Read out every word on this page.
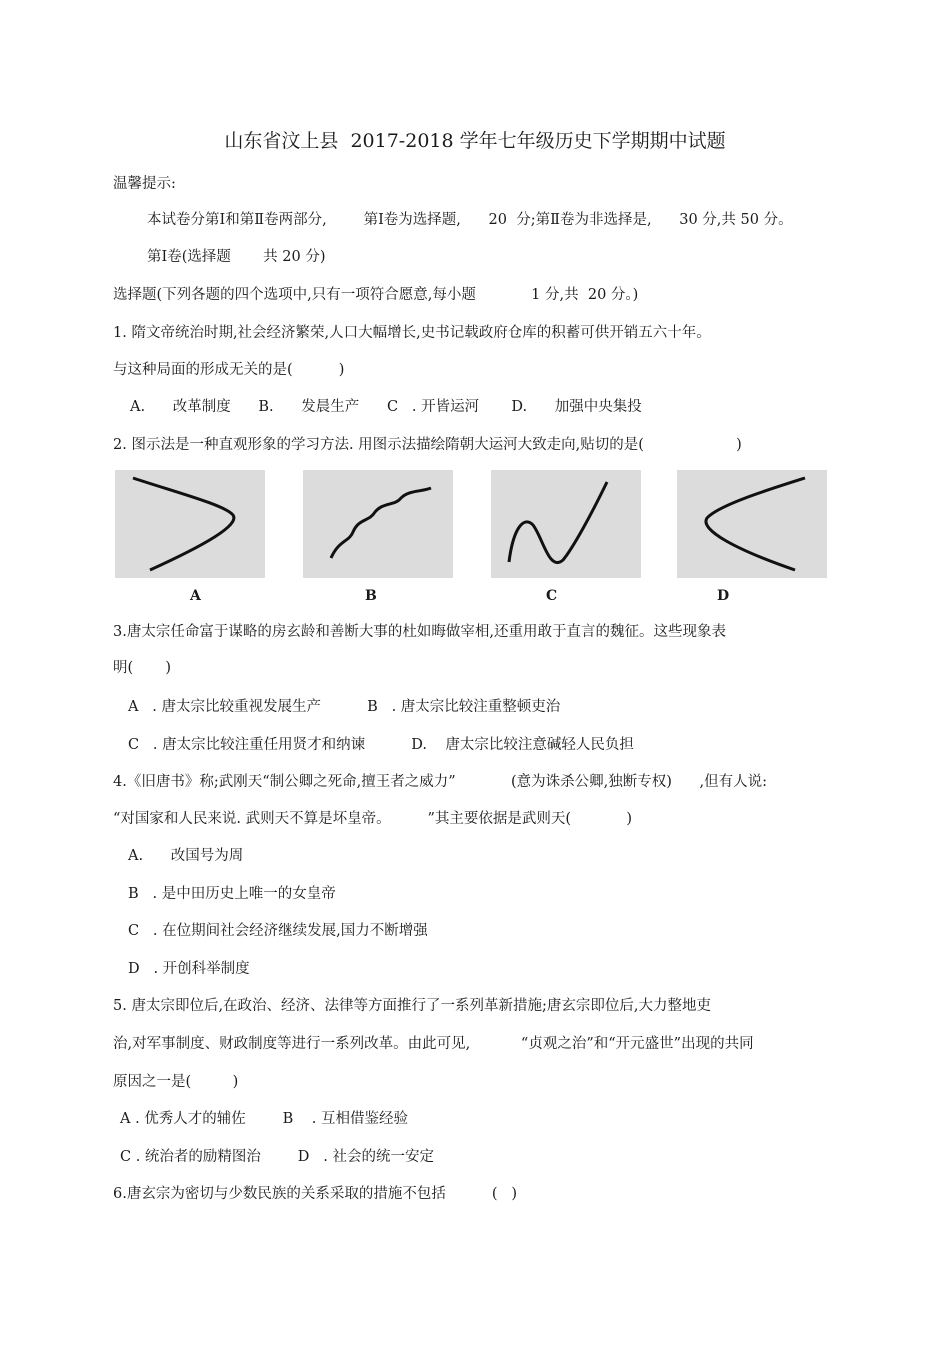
山东省汶上县  2017-2018 学年七年级历史下学期期中试题
温馨提示:
本试卷分第Ⅰ和第Ⅱ卷两部分,        第Ⅰ卷为选择题,      20  分;第Ⅱ卷为非选择是,      30 分,共 50 分。
第Ⅰ卷(选择题       共 20 分)
选择题(下列各题的四个选项中,只有一项符合愿意,每小题            1 分,共  20 分。)
1. 隋文帝统治时期,社会经济繁荣,人口大幅增长,史书记载政府仓库的积蓄可供开销五六十年。
与这种局面的形成无关的是(          )
A.      改革制度      B.      发晨生产      C   . 开皆运河       D.      加强中央集投
2. 图示法是一种直观形象的学习方法. 用图示法描绘隋朝大运河大致走向,贴切的是(                    )
A	B	C	D
3.唐太宗任命富于谋略的房玄龄和善断大事的杜如晦做宰相,还重用敢于直言的魏征。这些现象表
明(       )
A   . 唐太宗比较重视发展生产          B   . 唐太宗比较注重整顿吏治
C   . 唐太宗比较注重任用贤才和纳谏          D.    唐太宗比较注意碱轻人民负担
4.《旧唐书》称;武刚天“制公卿之死命,擅王者之威力”            (意为诛杀公卿,独断专权)      ,但有人说:
“对国家和人民来说. 武则天不算是坏皇帝。        ”其主要依据是武则天(            )
A.      改国号为周
B   . 是中田历史上唯一的女皇帝
C   . 在位期间社会经济继续发展,国力不断增强
D   . 开创科举制度
5. 唐太宗即位后,在政治、经济、法律等方面推行了一系列革新措施;唐玄宗即位后,大力整地吏
治,对军事制度、财政制度等进行一系列改革。由此可见,           “贞观之治”和“开元盛世”出现的共同
原因之一是(         )
A . 优秀人才的辅佐        B    . 互相借鉴经验
C . 统治者的励精图治        D   . 社会的统一安定
6.唐玄宗为密切与少数民族的关系采取的措施不包括          (   )
